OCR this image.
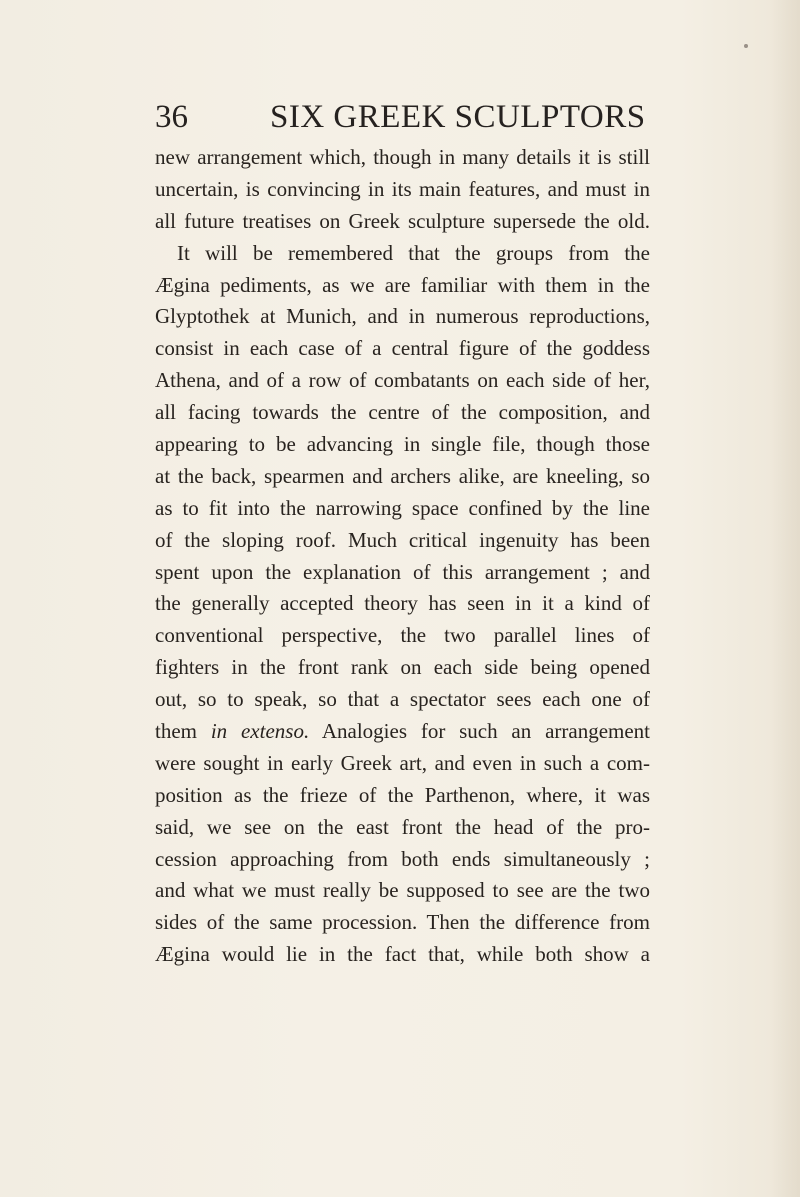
36 SIX GREEK SCULPTORS
new arrangement which, though in many details it is still
uncertain, is convincing in its main features, and must in
all future treatises on Greek sculpture supersede the old.
It will be remembered that the groups from the
Ægina pediments, as we are familiar with them in the
Glyptothek at Munich, and in numerous reproductions,
consist in each case of a central figure of the goddess
Athena, and of a row of combatants on each side of her,
all facing towards the centre of the composition, and
appearing to be advancing in single file, though those
at the back, spearmen and archers alike, are kneeling, so
as to fit into the narrowing space confined by the line
of the sloping roof. Much critical ingenuity has been
spent upon the explanation of this arrangement ; and
the generally accepted theory has seen in it a kind of
conventional perspective, the two parallel lines of
fighters in the front rank on each side being opened
out, so to speak, so that a spectator sees each one of
them in extenso. Analogies for such an arrangement
were sought in early Greek art, and even in such a com-
position as the frieze of the Parthenon, where, it was
said, we see on the east front the head of the pro-
cession approaching from both ends simultaneously ;
and what we must really be supposed to see are the two
sides of the same procession. Then the difference from
Ægina would lie in the fact that, while both show a
